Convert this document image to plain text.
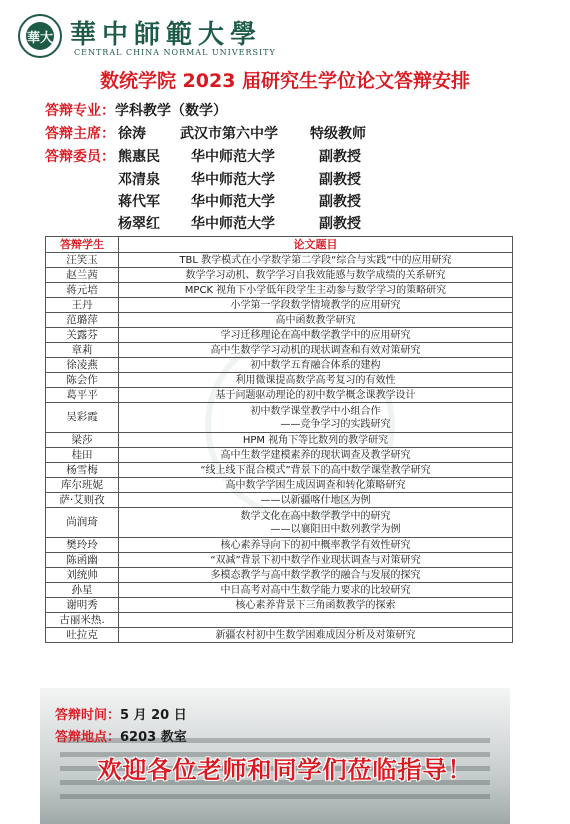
華大 華中師範大學
CENTRAL CHINA NORMAL UNIVERSITY
数统学院 2023 届研究生学位论文答辩安排
答辩专业：学科教学（数学）
答辩主席： 徐涛 武汉市第六中学 特级教师
答辩委员： 熊惠民 华中师范大学	副教授
邓清泉 华中师范大学	副教授
蒋代军 华中师范大学	副教授
杨翠红 华中师范大学	副教授
答辩学生	论文题目
汪笑玉	TBL 教学模式在小学数学第二学段“综合与实践”中的应用研究

赵兰茜	数学学习动机、数学学习自我效能感与数学成绩的关系研究

蒋元培	MPCK 视角下小学低年段学生主动参与数学学习的策略研究

王丹	小学第一学段数学情境教学的应用研究

范璐萍	高中函数教学研究

关露芬	学习迁移理论在高中数学教学中的应用研究

章莉	高中生数学学习动机的现状调查和有效对策研究

徐凌燕	初中数学五育融合体系的建构

陈会作	利用微课提高数学高考复习的有效性

葛平平	基于问题驱动理论的初中数学概念课教学设计

吴彩霞	初中数学课堂教学中小组合作
——竞争学习的实践研究

梁莎	HPM 视角下等比数列的教学研究

桂田	高中生数学建模素养的现状调查及教学研究

杨雪梅	“线上线下混合模式”背景下的高中数学课堂教学研究

库尔班妮	高中数学学困生成因调查和转化策略研究

萨·艾则孜	——以新疆喀什地区为例

尚润琦	数学文化在高中数学教学中的研究
——以襄阳田中数列教学为例

樊玲玲	核心素养导向下的初中概率教学有效性研究

陈函幽	“双减”背景下初中数学作业现状调查与对策研究

刘统帅	多模态教学与高中数学教学的融合与发展的探究

孙星	中日高考对高中生数学能力要求的比较研究

谢明秀	核心素养背景下三角函数教学的探索

古丽米热.	

吐拉克	新疆农村初中生数学困难成因分析及对策研究
答辩时间：5 月 20 日
答辩地点：6203 教室
欢迎各位老师和同学们莅临指导！
